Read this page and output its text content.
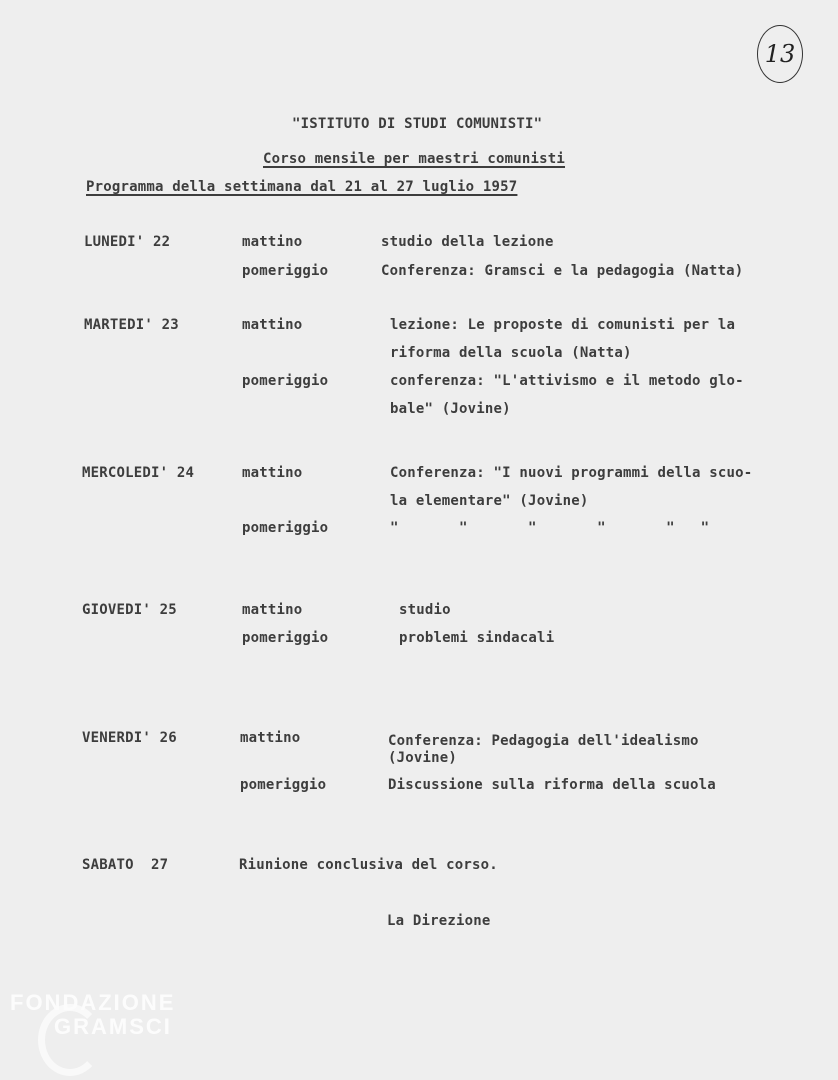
13
"ISTITUTO DI STUDI COMUNISTI"
Corso mensile per maestri comunisti
Programma della settimana dal 21 al 27 luglio 1957
LUNEDI' 22	mattino	studio della lezione
pomeriggio	Conferenza: Gramsci e la pedagogia (Natta)
MARTEDI' 23	mattino	lezione: Le proposte di comunisti per la
riforma della scuola (Natta)
pomeriggio	conferenza: "L'attivismo e il metodo glo-
bale" (Jovine)
MERCOLEDI' 24	mattino	Conferenza: "I nuovi programmi della scuo-
la elementare" (Jovine)
pomeriggio	"       "       "       "       "   "
GIOVEDI' 25	mattino	studio
pomeriggio	problemi sindacali
VENERDI' 26	mattino	Conferenza: Pedagogia dell'idealismo
(Jovine)
pomeriggio	Discussione sulla riforma della scuola
SABATO  27	Riunione conclusiva del corso.
La Direzione
FONDAZIONE
GRAMSCI
